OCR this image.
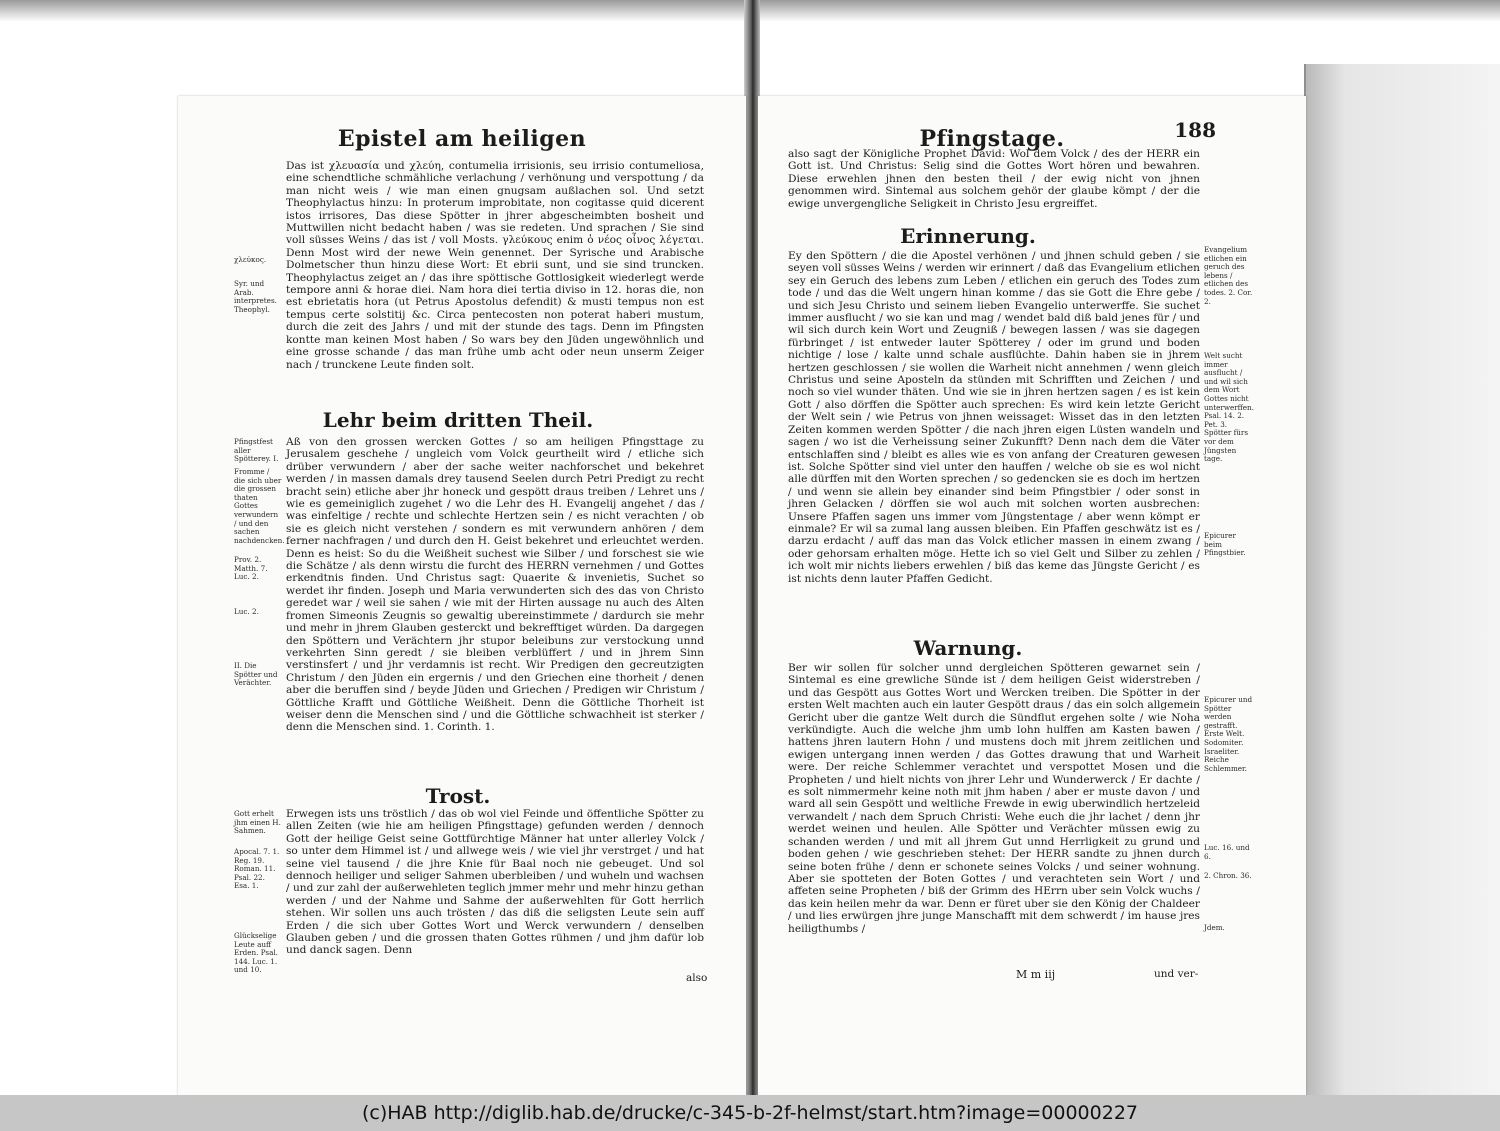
Epistel am heiligen
Das ist χλευασία und χλεύη, contumelia irrisionis, seu irrisio contumeliosa, eine schendtliche schmähliche verlachung / verhönung und verspottung / da man nicht weis / wie man einen gnugsam außlachen sol. Und setzt Theophylactus hinzu: In proterum improbitate, non cogitasse quid dicerent istos irrisores, Das diese Spötter in jhrer abgescheimbten bosheit und Muttwillen nicht bedacht haben / was sie redeten. Und sprachen / Sie sind voll süsses Weins / das ist / voll Mosts. γλεύκους enim ὁ νέος οἶνος λέγεται. Denn Most wird der newe Wein genennet. Der Syrische und Arabische Dolmetscher thun hinzu diese Wort: Et ebrii sunt, und sie sind truncken. Theophylactus zeiget an / das ihre spöttische Gottlosigkeit wiederlegt werde tempore anni & horae diei. Nam hora diei tertia diviso in 12. horas die, non est ebrietatis hora (ut Petrus Apostolus defendit) & musti tempus non est tempus certe solstitij &c. Circa pentecosten non poterat haberi mustum, durch die zeit des Jahrs / und mit der stunde des tags. Denn im Pfingsten kontte man keinen Most haben / So wars bey den Jüden ungewöhnlich und eine grosse schande / das man frühe umb acht oder neun unserm Zeiger nach / trunckene Leute finden solt.
Lehr beim dritten Theil.
Aß von den grossen wercken Gottes / so am heiligen Pfingsttage zu Jerusalem geschehe / ungleich vom Volck geurtheilt wird / etliche sich drüber verwundern / aber der sache weiter nachforschet und bekehret werden / in massen damals drey tausend Seelen durch Petri Predigt zu recht bracht sein) etliche aber jhr honeck und gespött draus treiben / Lehret uns / wie es gemeiniglich zugehet / wo die Lehr des H. Evangelij angehet / das / was einfeltige / rechte und schlechte Hertzen sein / es nicht verachten / ob sie es gleich nicht verstehen / sondern es mit verwundern anhören / dem ferner nachfragen / und durch den H. Geist bekehret und erleuchtet werden. Denn es heist: So du die Weißheit suchest wie Silber / und forschest sie wie die Schätze / als denn wirstu die furcht des HERRN vernehmen / und Gottes erkendtnis finden. Und Christus sagt: Quaerite & invenietis, Suchet so werdet ihr finden. Joseph und Maria verwunderten sich des das von Christo geredet war / weil sie sahen / wie mit der Hirten aussage nu auch des Alten fromen Simeonis Zeugnis so gewaltig ubereinstimmete / dardurch sie mehr und mehr in jhrem Glauben gesterckt und bekrefftiget würden. Da dargegen den Spöttern und Verächtern jhr stupor beleibuns zur verstockung unnd verkehrten Sinn geredt / sie bleiben verblüffert / und in jhrem Sinn verstinsfert / und jhr verdamnis ist recht. Wir Predigen den gecreutzigten Christum / den Jüden ein ergernis / und den Griechen eine thorheit / denen aber die beruffen sind / beyde Jüden und Griechen / Predigen wir Christum / Göttliche Krafft und Göttliche Weißheit. Denn die Göttliche Thorheit ist weiser denn die Menschen sind / und die Göttliche schwachheit ist sterker / denn die Menschen sind. 1. Corinth. 1.
Trost.
Erwegen ists uns tröstlich / das ob wol viel Feinde und öffentliche Spötter zu allen Zeiten (wie hie am heiligen Pfingsttage) gefunden werden / dennoch Gott der heilige Geist seine Gottfürchtige Männer hat unter allerley Volck / so unter dem Himmel ist / und allwege weis / wie viel jhr verstrget / und hat seine viel tausend / die jhre Knie für Baal noch nie gebeuget. Und sol dennoch heiliger und seliger Sahmen uberbleiben / und wuheln und wachsen / und zur zahl der außerwehleten teglich jmmer mehr und mehr hinzu gethan werden / und der Nahme und Sahme der außerwehlten für Gott herrlich stehen. Wir sollen uns auch trösten / das diß die seligsten Leute sein auff Erden / die sich uber Gottes Wort und Werck verwundern / denselben Glauben geben / und die grossen thaten Gottes rühmen / und jhm dafür lob und danck sagen. Denn
also
χλεύκος.
Syr. und Arab. interpretes. Theophyl.
Pfingstfest aller Spötterey. I.
Fromme / die sich uber die grossen thaten Gottes verwundern / und den sachen nachdencken.
Prov. 2. Matth. 7. Luc. 2.
Luc. 2.
II. Die Spötter und Verächter.
Gott erhelt jhm einen H. Sahmen.
Apocal. 7. 1. Reg. 19. Roman. 11. Psal. 22. Esa. 1.
Glückselige Leute auff Erden. Psal. 144. Luc. 1. und 10.
Pfingstage.	188
also sagt der Königliche Prophet David: Wol dem Volck / des der HERR ein Gott ist. Und Christus: Selig sind die Gottes Wort hören und bewahren. Diese erwehlen jhnen den besten theil / der ewig nicht von jhnen genommen wird. Sintemal aus solchem gehör der glaube kömpt / der die ewige unvergengliche Seligkeit in Christo Jesu ergreiffet.
Erinnerung.
Ey den Spöttern / die die Apostel verhönen / und jhnen schuld geben / sie seyen voll süsses Weins / werden wir erinnert / daß das Evangelium etlichen sey ein Geruch des lebens zum Leben / etlichen ein geruch des Todes zum tode / und das die Welt ungern hinan komme / das sie Gott die Ehre gebe / und sich Jesu Christo und seinem lieben Evangelio unterwerffe. Sie suchet immer ausflucht / wo sie kan und mag / wendet bald diß bald jenes für / und wil sich durch kein Wort und Zeugniß / bewegen lassen / was sie dagegen fürbringet / ist entweder lauter Spötterey / oder im grund und boden nichtige / lose / kalte unnd schale ausflüchte. Dahin haben sie in jhrem hertzen geschlossen / sie wollen die Warheit nicht annehmen / wenn gleich Christus und seine Aposteln da stünden mit Schrifften und Zeichen / und noch so viel wunder thäten. Und wie sie in jhren hertzen sagen / es ist kein Gott / also dörffen die Spötter auch sprechen: Es wird kein letzte Gericht der Welt sein / wie Petrus von jhnen weissaget: Wisset das in den letzten Zeiten kommen werden Spötter / die nach jhren eigen Lüsten wandeln und sagen / wo ist die Verheissung seiner Zukunfft? Denn nach dem die Väter entschlaffen sind / bleibt es alles wie es von anfang der Creaturen gewesen ist. Solche Spötter sind viel unter den hauffen / welche ob sie es wol nicht alle dürffen mit den Worten sprechen / so gedencken sie es doch im hertzen / und wenn sie allein bey einander sind beim Pfingstbier / oder sonst in jhren Gelacken / dörffen sie wol auch mit solchen worten ausbrechen: Unsere Pfaffen sagen uns immer vom Jüngstentage / aber wenn kömpt er einmale? Er wil sa zumal lang aussen bleiben. Ein Pfaffen geschwätz ist es / darzu erdacht / auff das man das Volck etlicher massen in einem zwang / oder gehorsam erhalten möge. Hette ich so viel Gelt und Silber zu zehlen / ich wolt mir nichts liebers erwehlen / biß das keme das Jüngste Gericht / es ist nichts denn lauter Pfaffen Gedicht.
Warnung.
Ber wir sollen für solcher unnd dergleichen Spötteren gewarnet sein / Sintemal es eine grewliche Sünde ist / dem heiligen Geist widerstreben / und das Gespött aus Gottes Wort und Wercken treiben. Die Spötter in der ersten Welt machten auch ein lauter Gespött draus / das ein solch allgemein Gericht uber die gantze Welt durch die Sündflut ergehen solte / wie Noha verkündigte. Auch die welche jhm umb lohn hulffen am Kasten bawen / hattens jhren lautern Hohn / und mustens doch mit jhrem zeitlichen und ewigen untergang innen werden / das Gottes drawung that und Warheit were. Der reiche Schlemmer verachtet und verspottet Mosen und die Propheten / und hielt nichts von jhrer Lehr und Wunderwerck / Er dachte / es solt nimmermehr keine noth mit jhm haben / aber er muste davon / und ward all sein Gespött und weltliche Frewde in ewig uberwindlich hertzeleid verwandelt / nach dem Spruch Christi: Wehe euch die jhr lachet / denn jhr werdet weinen und heulen. Alle Spötter und Verächter müssen ewig zu schanden werden / und mit all jhrem Gut unnd Herrligkeit zu grund und boden gehen / wie geschrieben stehet: Der HERR sandte zu jhnen durch seine boten frühe / denn er schonete seines Volcks / und seiner wohnung. Aber sie spotteten der Boten Gottes / und verachteten sein Wort / und affeten seine Propheten / biß der Grimm des HErrn uber sein Volck wuchs / das kein heilen mehr da war. Denn er füret uber sie den König der Chaldeer / und lies erwürgen jhre junge Manschafft mit dem schwerdt / im hause jres heiligthumbs /
M m iij	und ver-
Evangelium etlichen ein geruch des lebens / etlichen des todes. 2. Cor. 2.
Welt sucht immer ausflucht / und wil sich dem Wort Gottes nicht unterwerffen. Psal. 14. 2. Pet. 3. Spötter fürs vor dem Jüngsten tage.
Epicurer beim Pfingstbier.
Epicurer und Spötter werden gestrafft. Erste Welt. Sodomiter. Israeliter. Reiche Schlemmer.
Luc. 16. und 6.
2. Chron. 36.
Jdem.
(c)HAB http://diglib.hab.de/drucke/c-345-b-2f-helmst/start.htm?image=00000227
